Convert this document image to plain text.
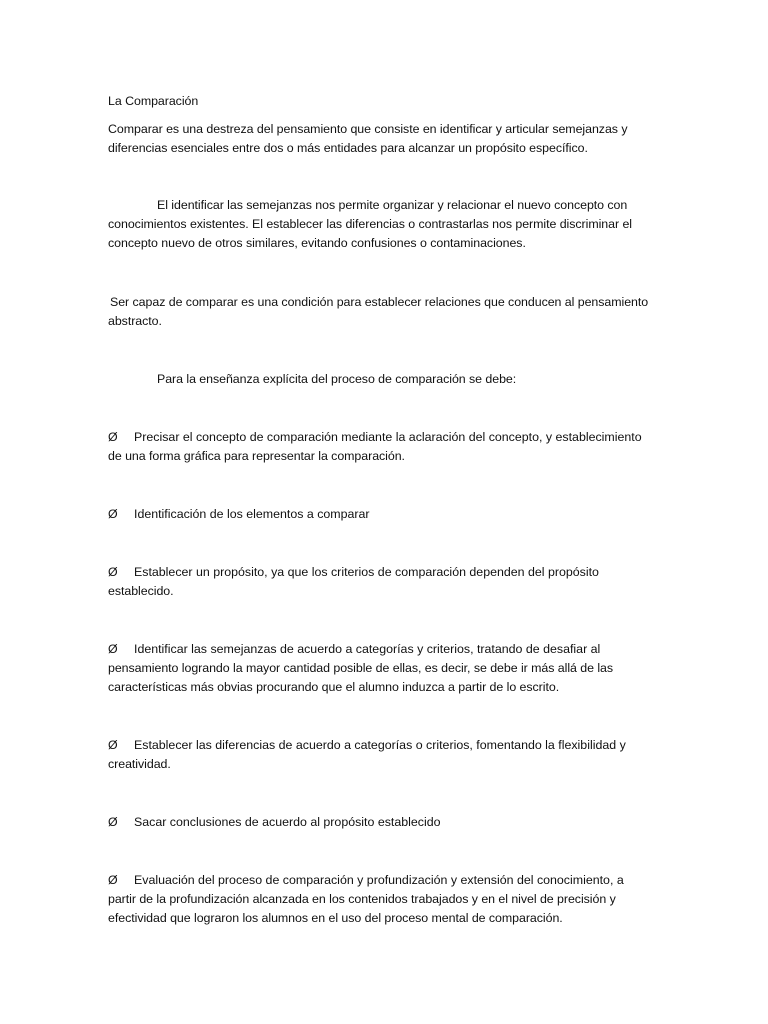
La Comparación

Comparar es una destreza del pensamiento que consiste en identificar y articular semejanzas y

diferencias esenciales entre dos o más entidades para alcanzar un propósito específico.

El identificar las semejanzas nos permite organizar y relacionar el nuevo concepto con

conocimientos existentes. El establecer las diferencias o contrastarlas nos permite discriminar el

concepto nuevo de otros similares, evitando confusiones o contaminaciones.

Ser capaz de comparar es una condición para establecer relaciones que conducen al pensamiento

abstracto.

Para la enseñanza explícita del proceso de comparación se debe:

Ø Precisar el concepto de comparación mediante la aclaración del concepto, y establecimiento

de una forma gráfica para representar la comparación.

Ø Identificación de los elementos a comparar

Ø Establecer un propósito, ya que los criterios de comparación dependen del propósito

establecido.

Ø Identificar las semejanzas de acuerdo a categorías y criterios, tratando de desafiar al

pensamiento logrando la mayor cantidad posible de ellas, es decir, se debe ir más allá de las

características más obvias procurando que el alumno induzca a partir de lo escrito.

Ø Establecer las diferencias de acuerdo a categorías o criterios, fomentando la flexibilidad y

creatividad.

Ø Sacar conclusiones de acuerdo al propósito establecido

Ø Evaluación del proceso de comparación y profundización y extensión del conocimiento, a

partir de la profundización alcanzada en los contenidos trabajados y en el nivel de precisión y

efectividad que lograron los alumnos en el uso del proceso mental de comparación.
